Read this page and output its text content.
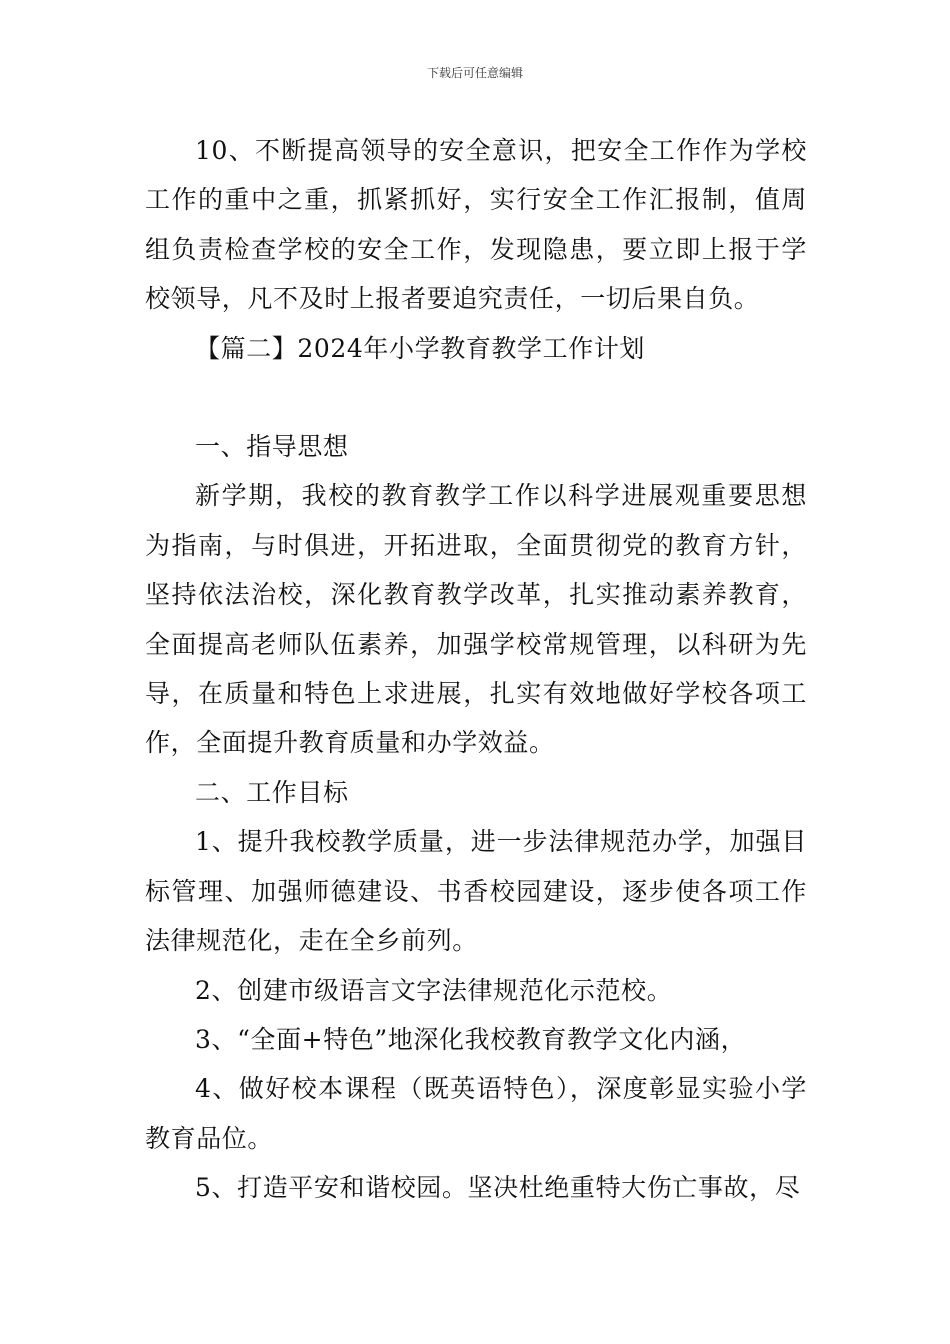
下载后可任意编辑

10、不断提高领导的安全意识，把安全工作作为学校工作的重中之重，抓紧抓好，实行安全工作汇报制，值周组负责检查学校的安全工作，发现隐患，要立即上报于学校领导，凡不及时上报者要追究责任，一切后果自负。

【篇二】2024年小学教育教学工作计划

一、指导思想

新学期，我校的教育教学工作以科学进展观重要思想为指南，与时俱进，开拓进取，全面贯彻党的教育方针，坚持依法治校，深化教育教学改革，扎实推动素养教育，全面提高老师队伍素养，加强学校常规管理，以科研为先导，在质量和特色上求进展，扎实有效地做好学校各项工作，全面提升教育质量和办学效益。

二、工作目标

1、提升我校教学质量，进一步法律规范办学，加强目标管理、加强师德建设、书香校园建设，逐步使各项工作法律规范化，走在全乡前列。

2、创建市级语言文字法律规范化示范校。

3、“全面+特色”地深化我校教育教学文化内涵，

4、做好校本课程（既英语特色），深度彰显实验小学教育品位。

5、打造平安和谐校园。坚决杜绝重特大伤亡事故，尽
